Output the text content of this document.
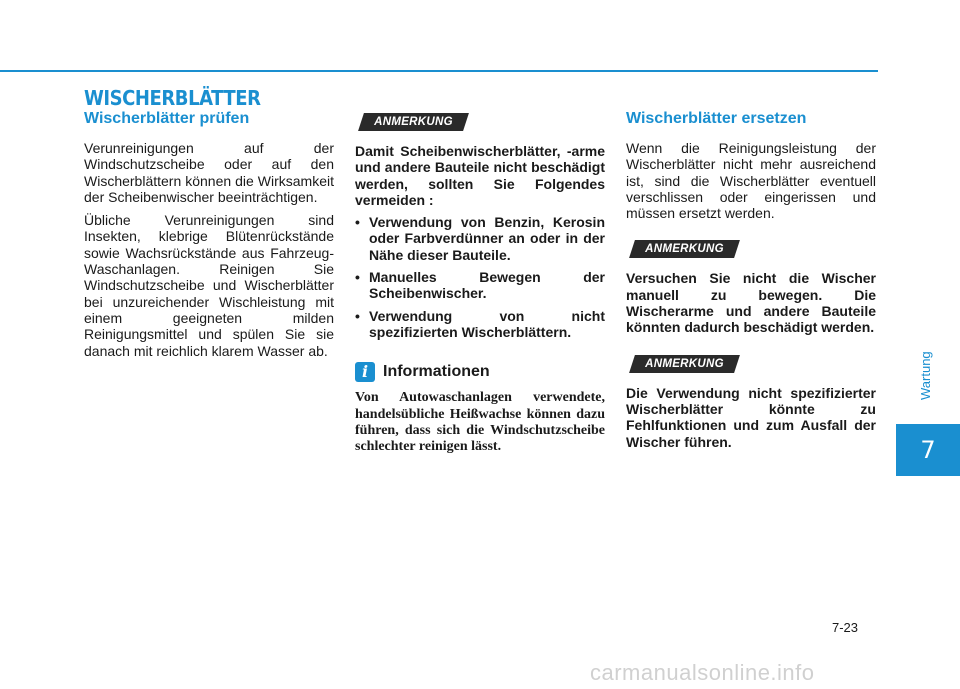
WISCHERBLÄTTER
Wischerblätter prüfen
Verunreinigungen auf der Windschutzscheibe oder auf den Wischerblättern können die Wirksamkeit der Scheibenwischer beeinträchtigen.
Übliche Verunreinigungen sind Insekten, klebrige Blütenrückstände sowie Wachsrückstände aus Fahrzeug-Waschanlagen. Reinigen Sie Windschutzscheibe und Wischerblätter bei unzureichender Wischleistung mit einem geeigneten milden Reinigungsmittel und spülen Sie sie danach mit reichlich klarem Wasser ab.
ANMERKUNG
Damit Scheibenwischerblätter, -arme und andere Bauteile nicht beschädigt werden, sollten Sie Folgendes vermeiden :
• Verwendung von Benzin, Kerosin oder Farbverdünner an oder in der Nähe dieser Bauteile.
• Manuelles Bewegen der Scheibenwischer.
• Verwendung von nicht spezifizierten Wischerblättern.
i Informationen
Von Autowaschanlagen verwendete, handelsübliche Heißwachse können dazu führen, dass sich die Windschutzscheibe schlechter reinigen lässt.
Wischerblätter ersetzen
Wenn die Reinigungsleistung der Wischerblätter nicht mehr ausreichend ist, sind die Wischerblätter eventuell verschlissen oder eingerissen und müssen ersetzt werden.
ANMERKUNG
Versuchen Sie nicht die Wischer manuell zu bewegen. Die Wischerarme und andere Bauteile könnten dadurch beschädigt werden.
ANMERKUNG
Die Verwendung nicht spezifizierter Wischerblätter könnte zu Fehlfunktionen und zum Ausfall der Wischer führen.
Wartung
7
7-23
carmanualsonline.info
